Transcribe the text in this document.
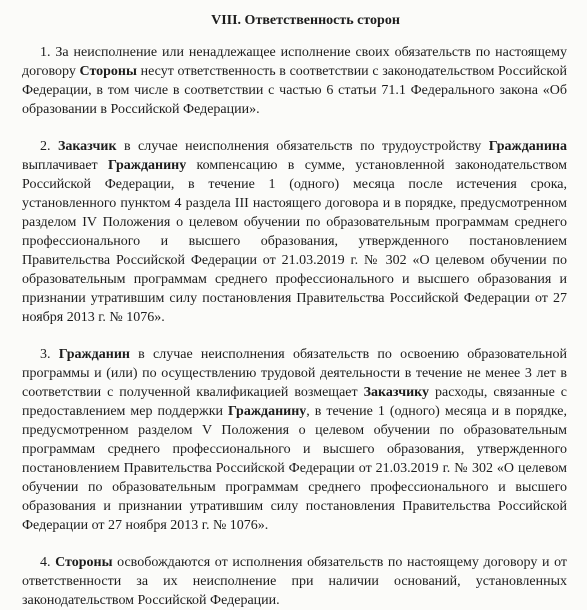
VIII. Ответственность сторон

1. За неисполнение или ненадлежащее исполнение своих обязательств по настоящему договору Стороны несут ответственность в соответствии с законодательством Российской Федерации, в том числе в соответствии с частью 6 статьи 71.1 Федерального закона «Об образовании в Российской Федерации».

2. Заказчик в случае неисполнения обязательств по трудоустройству Гражданина выплачивает Гражданину компенсацию в сумме, установленной законодательством Российской Федерации, в течение 1 (одного) месяца после истечения срока, установленного пунктом 4 раздела III настоящего договора и в порядке, предусмотренном разделом IV Положения о целевом обучении по образовательным программам среднего профессионального и высшего образования, утвержденного постановлением Правительства Российской Федерации от 21.03.2019 г. № 302 «О целевом обучении по образовательным программам среднего профессионального и высшего образования и признании утратившим силу постановления Правительства Российской Федерации от 27 ноября 2013 г. № 1076».

3. Гражданин в случае неисполнения обязательств по освоению образовательной программы и (или) по осуществлению трудовой деятельности в течение не менее 3 лет в соответствии с полученной квалификацией возмещает Заказчику расходы, связанные с предоставлением мер поддержки Гражданину, в течение 1 (одного) месяца и в порядке, предусмотренном разделом V Положения о целевом обучении по образовательным программам среднего профессионального и высшего образования, утвержденного постановлением Правительства Российской Федерации от 21.03.2019 г. № 302 «О целевом обучении по образовательным программам среднего профессионального и высшего образования и признании утратившим силу постановления Правительства Российской Федерации от 27 ноября 2013 г. № 1076».

4. Стороны освобождаются от исполнения обязательств по настоящему договору и от ответственности за их неисполнение при наличии оснований, установленных законодательством Российской Федерации.
